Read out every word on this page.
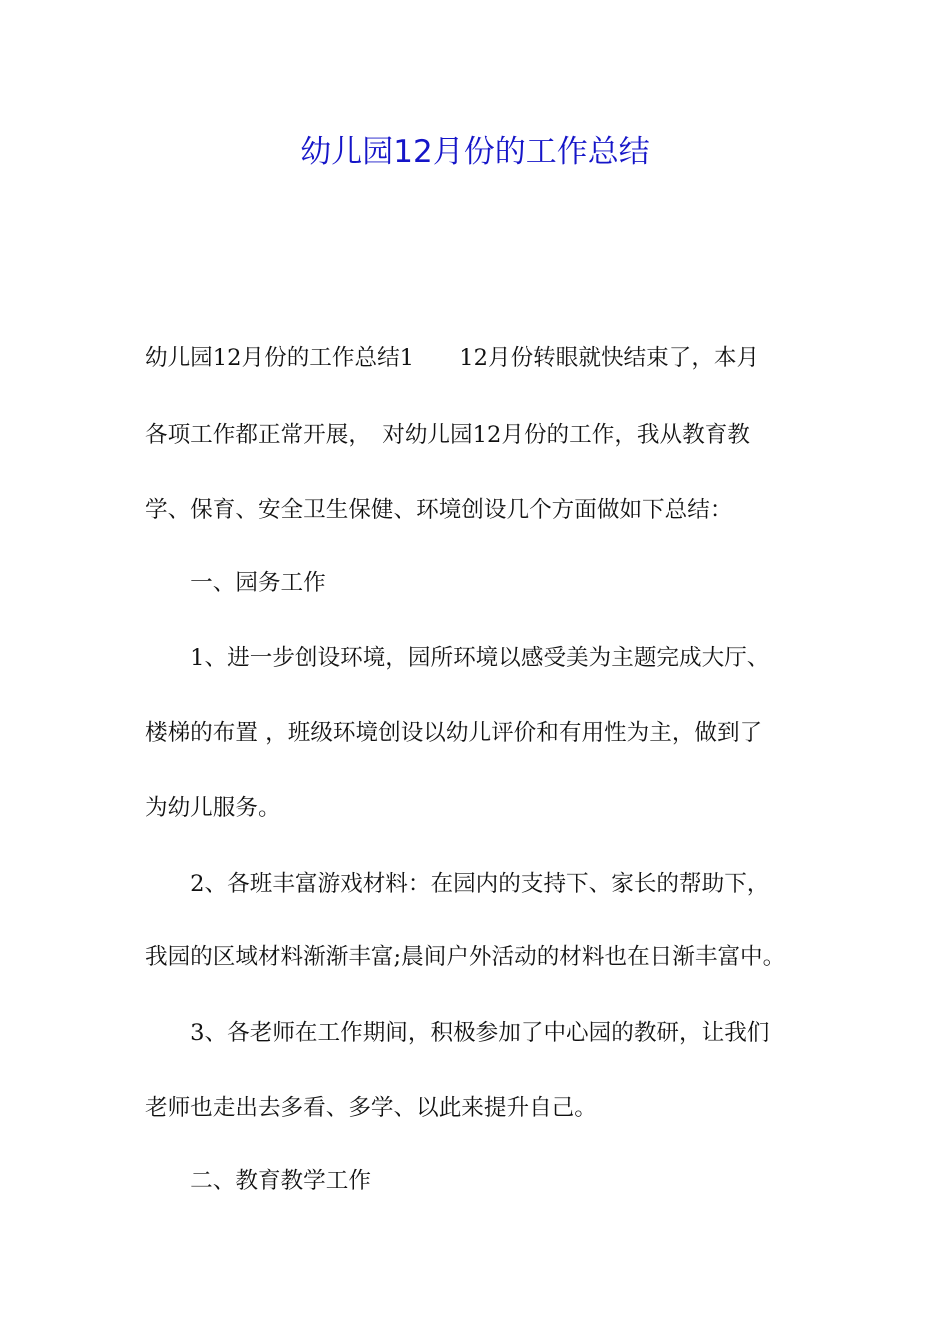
幼儿园12月份的工作总结
幼儿园12月份的工作总结1　　12月份转眼就快结束了，本月
各项工作都正常开展，　对幼儿园12月份的工作，我从教育教
学、保育、安全卫生保健、环境创设几个方面做如下总结：
　　一、园务工作
　　1、进一步创设环境，园所环境以感受美为主题完成大厅、
楼梯的布置 ，班级环境创设以幼儿评价和有用性为主，做到了
为幼儿服务。
　　2、各班丰富游戏材料：在园内的支持下、家长的帮助下，
我园的区域材料渐渐丰富;晨间户外活动的材料也在日渐丰富中。
　　3、各老师在工作期间，积极参加了中心园的教研，让我们
老师也走出去多看、多学、以此来提升自己。
　　二、教育教学工作
